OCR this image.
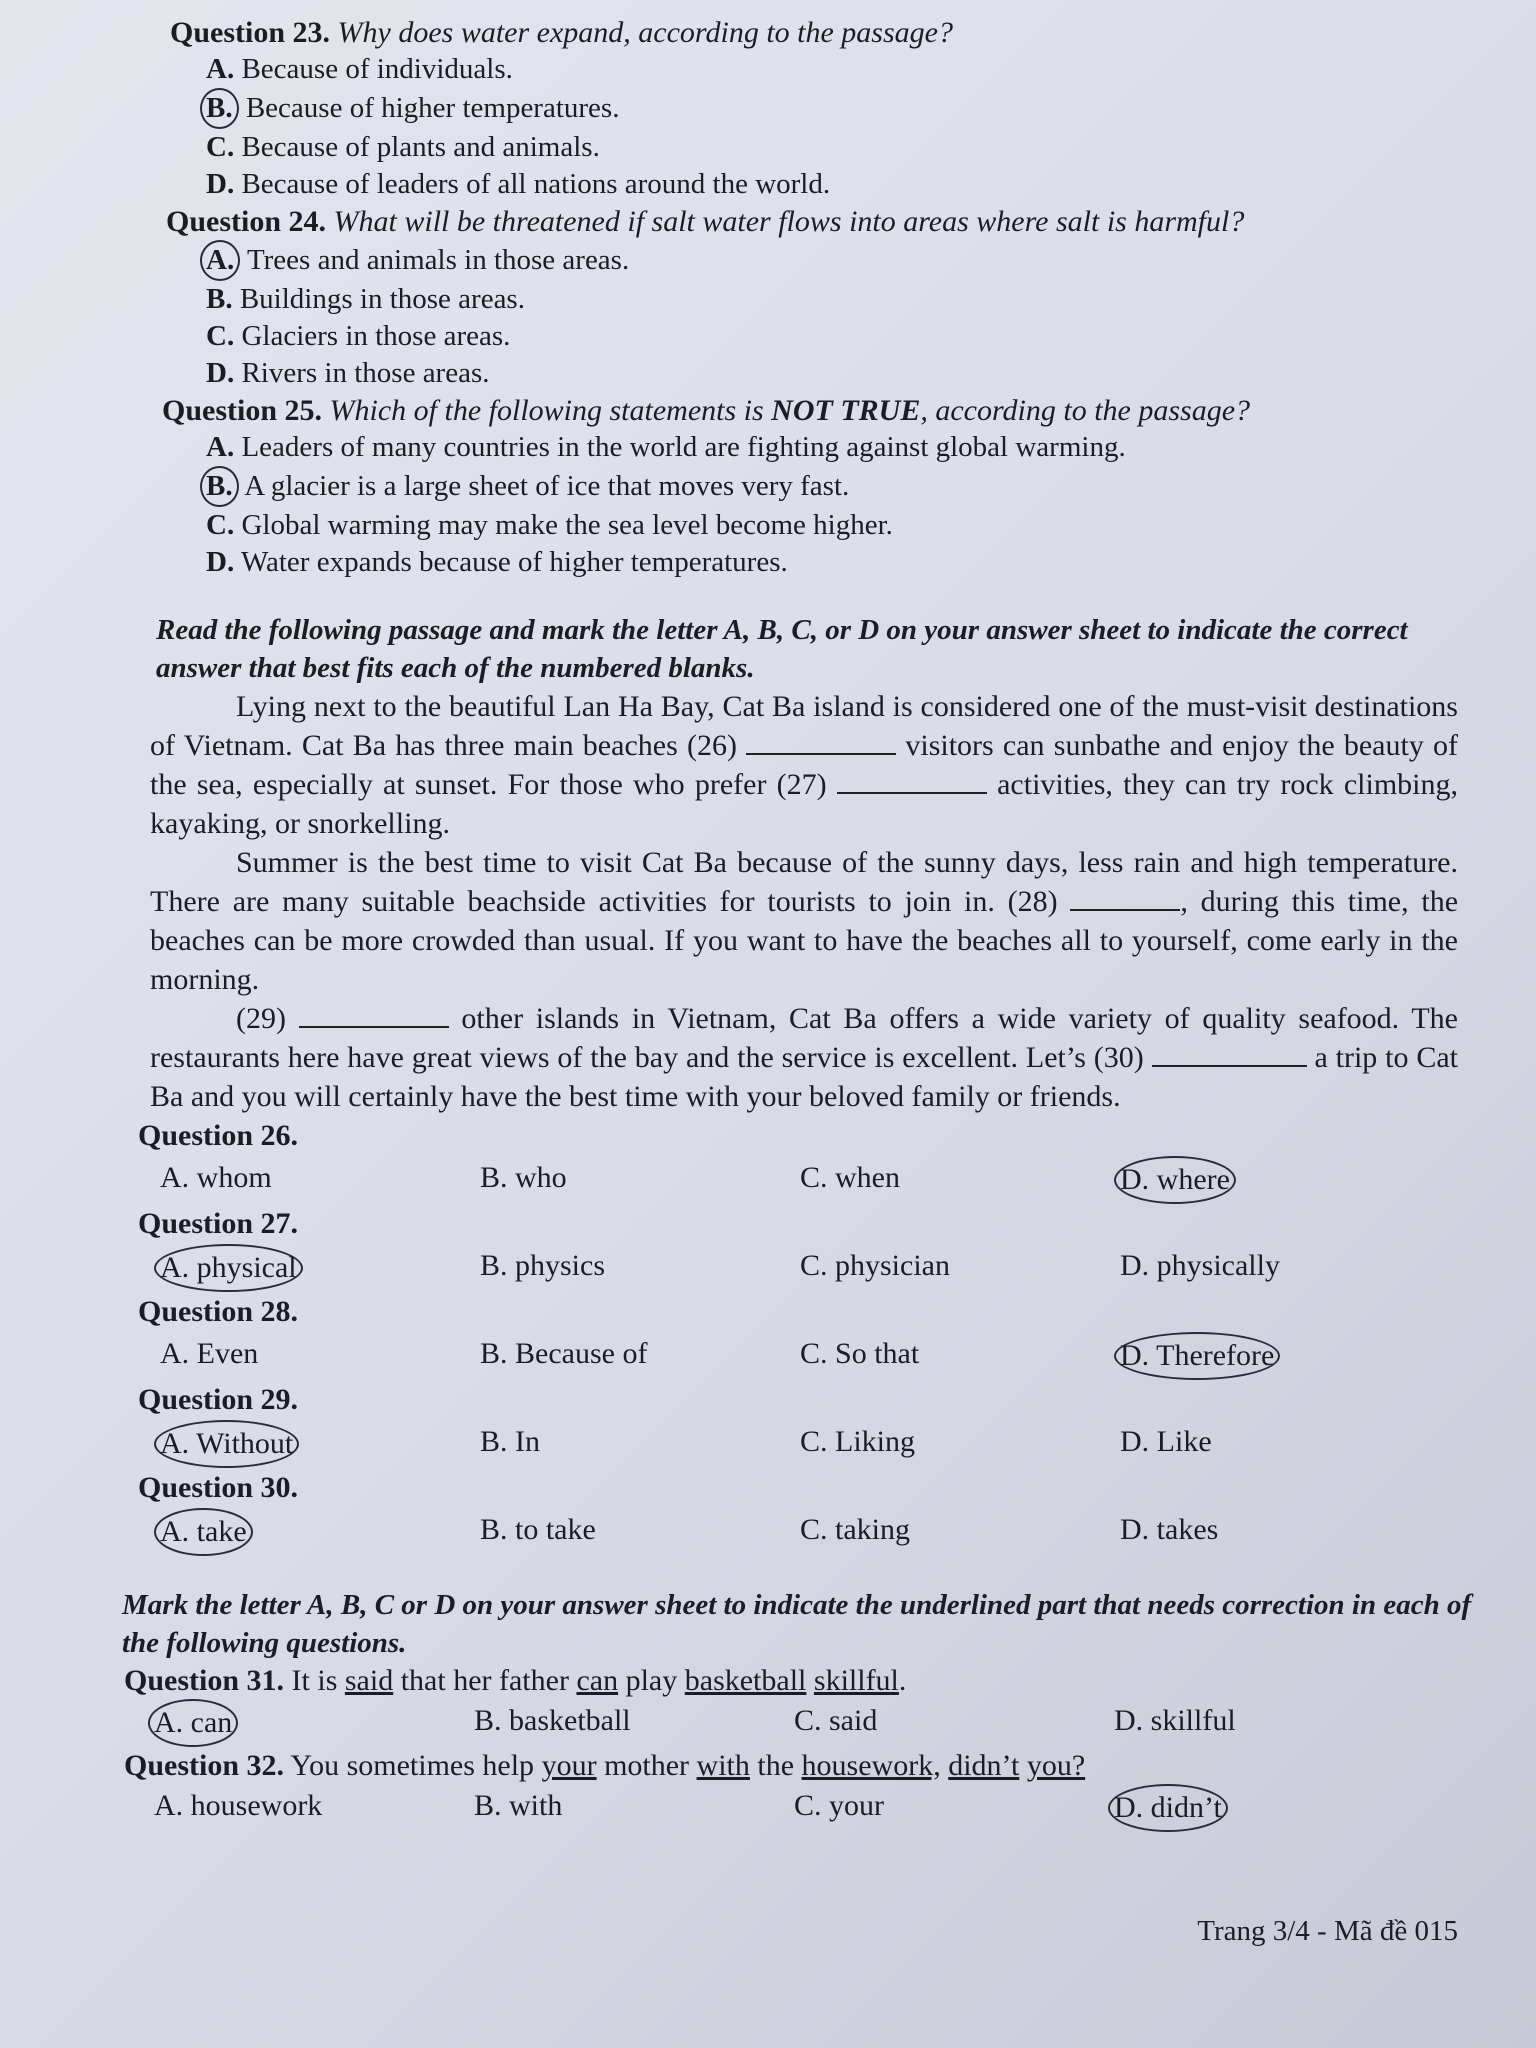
Question 23. Why does water expand, according to the passage?
A. Because of individuals.
B. Because of higher temperatures.
C. Because of plants and animals.
D. Because of leaders of all nations around the world.
Question 24. What will be threatened if salt water flows into areas where salt is harmful?
A. Trees and animals in those areas.
B. Buildings in those areas.
C. Glaciers in those areas.
D. Rivers in those areas.
Question 25. Which of the following statements is NOT TRUE, according to the passage?
A. Leaders of many countries in the world are fighting against global warming.
B. A glacier is a large sheet of ice that moves very fast.
C. Global warming may make the sea level become higher.
D. Water expands because of higher temperatures.
Read the following passage and mark the letter A, B, C, or D on your answer sheet to indicate the correct answer that best fits each of the numbered blanks.
Lying next to the beautiful Lan Ha Bay, Cat Ba island is considered one of the must-visit destinations of Vietnam. Cat Ba has three main beaches (26)	visitors can sunbathe and enjoy the beauty of the sea, especially at sunset. For those who prefer (27)	activities, they can try rock climbing, kayaking, or snorkelling.
Summer is the best time to visit Cat Ba because of the sunny days, less rain and high temperature. There are many suitable beachside activities for tourists to join in. (28)	, during this time, the beaches can be more crowded than usual. If you want to have the beaches all to yourself, come early in the morning.
(29)	other islands in Vietnam, Cat Ba offers a wide variety of quality seafood. The restaurants here have great views of the bay and the service is excellent. Let’s (30)	a trip to Cat Ba and you will certainly have the best time with your beloved family or friends.
Question 26.
A. whom	B. who	C. when	D. where
Question 27.
A. physical	B. physics	C. physician	D. physically
Question 28.
A. Even	B. Because of	C. So that	D. Therefore
Question 29.
A. Without	B. In	C. Liking	D. Like
Question 30.
A. take	B. to take	C. taking	D. takes
Mark the letter A, B, C or D on your answer sheet to indicate the underlined part that needs correction in each of the following questions.
Question 31. It is said that her father can play basketball skillful.
A. can	B. basketball	C. said	D. skillful
Question 32. You sometimes help your mother with the housework, didn’t you?
A. housework	B. with	C. your	D. didn’t
Trang 3/4 - Mã đề 015
